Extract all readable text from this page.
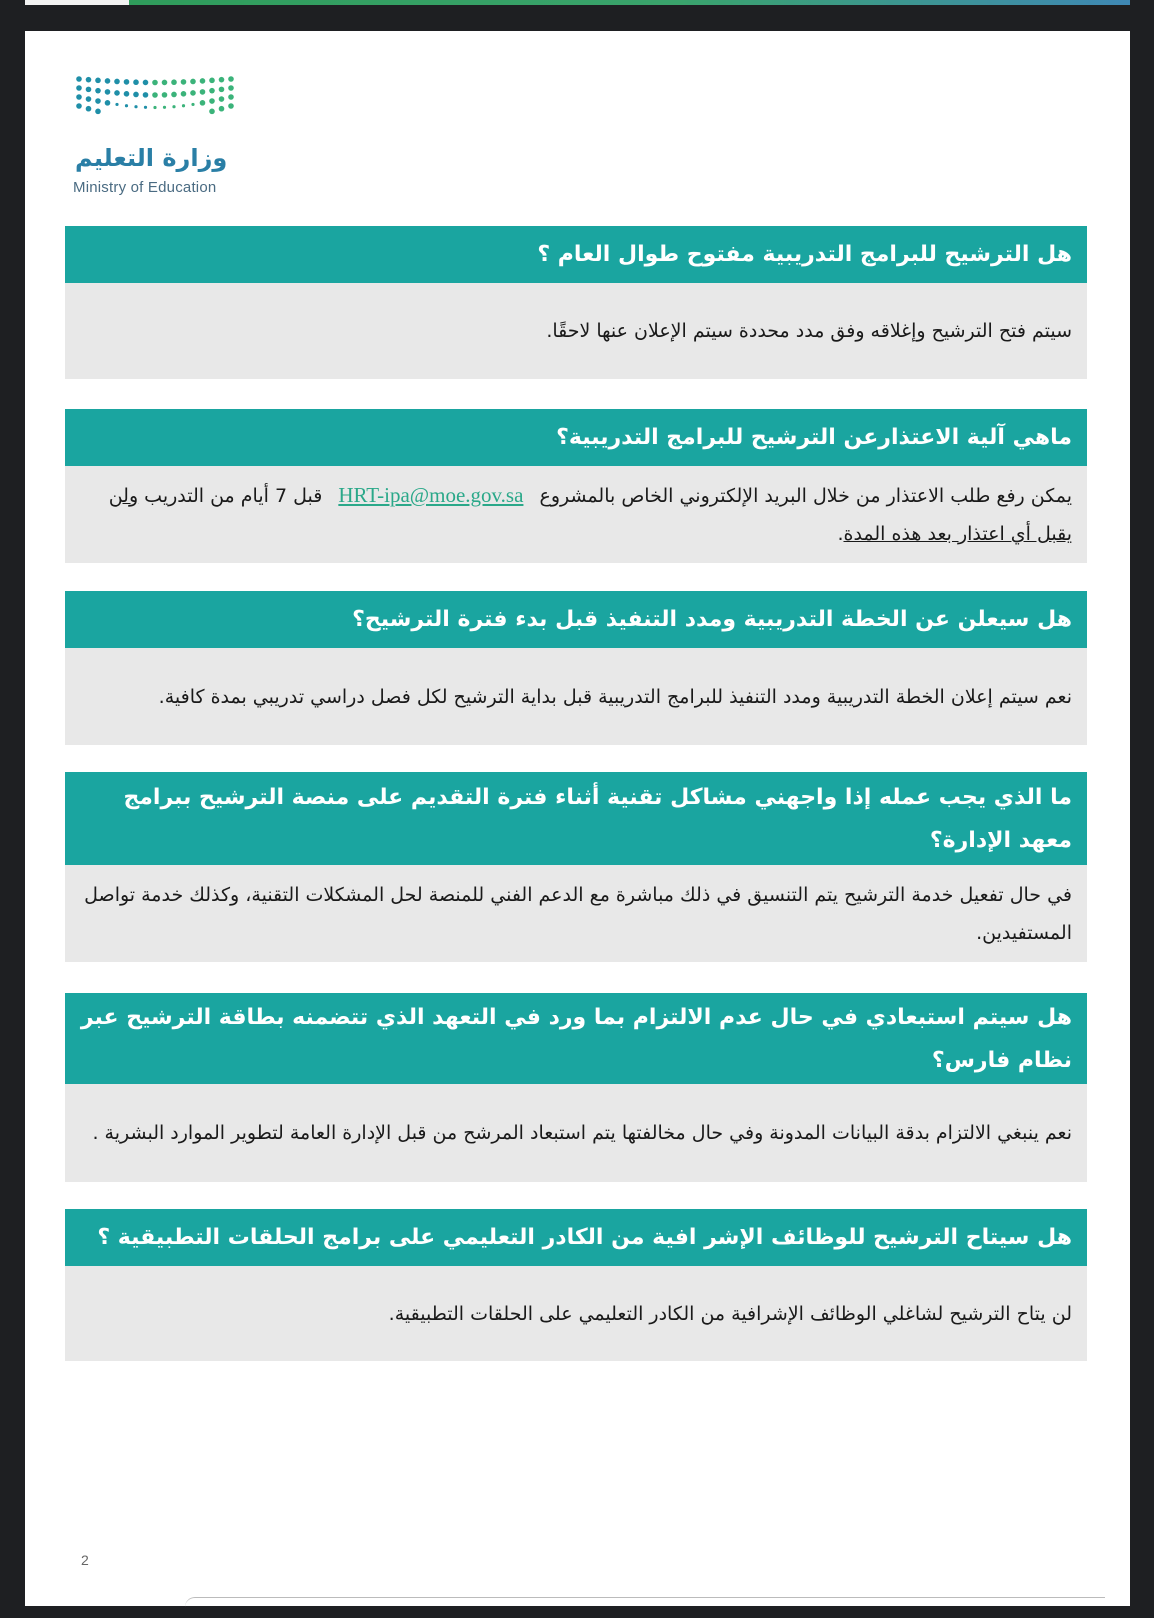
وزارة التعليم
Ministry of Education
هل الترشيح للبرامج التدريبية مفتوح طوال العام ؟
سيتم فتح الترشيح وإغلاقه وفق مدد محددة سيتم الإعلان عنها لاحقًا.
ماهي آلية الاعتذارعن الترشيح للبرامج التدريبية؟
يمكن رفع طلب الاعتذار من خلال البريد الإلكتروني الخاص بالمشروع HRT-ipa@moe.gov.sa قبل 7 أيام من التدريب ولن يقبل أي اعتذار بعد هذه المدة.
هل سيعلن عن الخطة التدريبية ومدد التنفيذ قبل بدء فترة الترشيح؟
نعم سيتم إعلان الخطة التدريبية ومدد التنفيذ للبرامج التدريبية قبل بداية الترشيح لكل فصل دراسي تدريبي بمدة كافية.
ما الذي يجب عمله إذا واجهني مشاكل تقنية أثناء فترة التقديم على منصة الترشيح ببرامج معهد الإدارة؟
في حال تفعيل خدمة الترشيح يتم التنسيق في ذلك مباشرة مع الدعم الفني للمنصة لحل المشكلات التقنية، وكذلك خدمة تواصل المستفيدين.
هل سيتم استبعادي في حال عدم الالتزام بما ورد في التعهد الذي تتضمنه بطاقة الترشيح عبر نظام فارس؟
نعم ينبغي الالتزام بدقة البيانات المدونة وفي حال مخالفتها يتم استبعاد المرشح من قبل الإدارة العامة لتطوير الموارد البشرية .
هل سيتاح الترشيح للوظائف الإشر افية من الكادر التعليمي على برامج الحلقات التطبيقية ؟
لن يتاح الترشيح لشاغلي الوظائف الإشرافية من الكادر التعليمي على الحلقات التطبيقية.
2
